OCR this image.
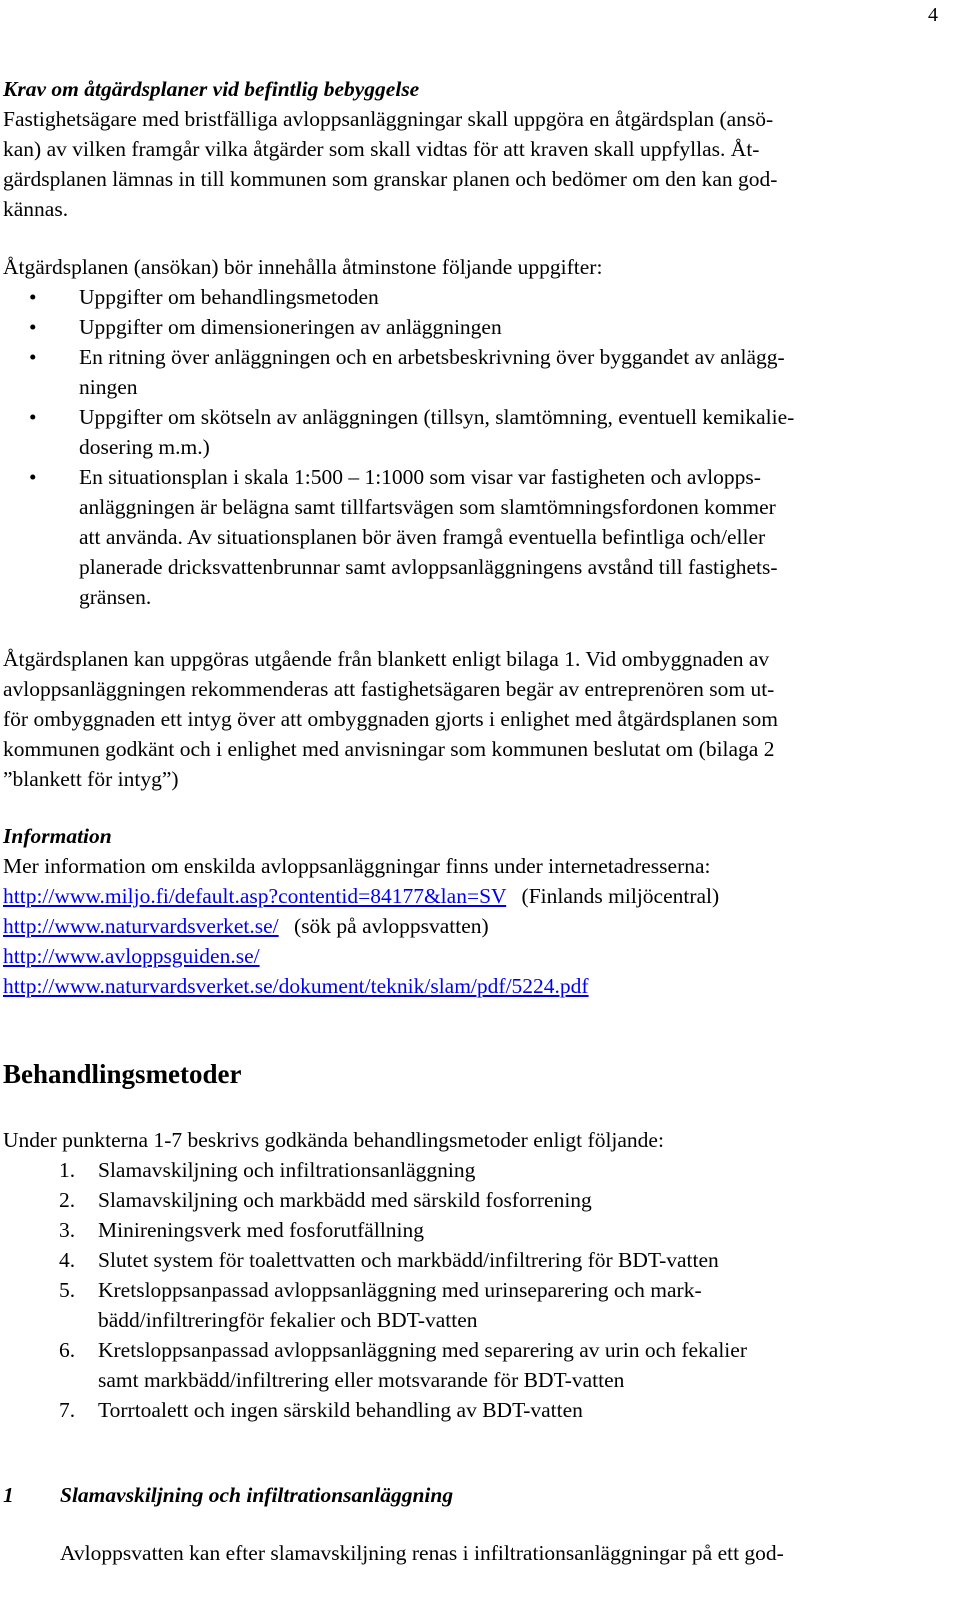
4
Krav om åtgärdsplaner vid befintlig bebyggelse

Fastighetsägare med bristfälliga avloppsanläggningar skall uppgöra en åtgärdsplan (ansö-
kan) av vilken framgår vilka åtgärder som skall vidtas för att kraven skall uppfyllas. Åt-
gärdsplanen lämnas in till kommunen som granskar planen och bedömer om den kan god-
kännas.

Åtgärdsplanen (ansökan) bör innehålla åtminstone följande uppgifter:

• Uppgifter om behandlingsmetoden
• Uppgifter om dimensioneringen av anläggningen
• En ritning över anläggningen och en arbetsbeskrivning över byggandet av anlägg-
ningen
• Uppgifter om skötseln av anläggningen (tillsyn, slamtömning, eventuell kemikalie-
dosering m.m.)
• En situationsplan i skala 1:500 – 1:1000 som visar var fastigheten och avlopps-
anläggningen är belägna samt tillfartsvägen som slamtömningsfordonen kommer
att använda. Av situationsplanen bör även framgå eventuella befintliga och/eller
planerade dricksvattenbrunnar samt avloppsanläggningens avstånd till fastighets-
gränsen.

Åtgärdsplanen kan uppgöras utgående från blankett enligt bilaga 1. Vid ombyggnaden av
avloppsanläggningen rekommenderas att fastighetsägaren begär av entreprenören som ut-
för ombyggnaden ett intyg över att ombyggnaden gjorts i enlighet med åtgärdsplanen som
kommunen godkänt och i enlighet med anvisningar som kommunen beslutat om (bilaga 2
”blankett för intyg”)

Information

Mer information om enskilda avloppsanläggningar finns under internetadresserna:

http://www.miljo.fi/default.asp?contentid=84177&lan=SV (Finlands miljöcentral)
http://www.naturvardsverket.se/ (sök på avloppsvatten)
http://www.avloppsguiden.se/
http://www.naturvardsverket.se/dokument/teknik/slam/pdf/5224.pdf
Behandlingsmetoder

Under punkterna 1-7 beskrivs godkända behandlingsmetoder enligt följande:

1. Slamavskiljning och infiltrationsanläggning
2. Slamavskiljning och markbädd med särskild fosforrening
3. Minireningsverk med fosforutfällning
4. Slutet system för toalettvatten och markbädd/infiltrering för BDT-vatten
5. Kretsloppsanpassad avloppsanläggning med urinseparering och mark-
bädd/infiltreringför fekalier och BDT-vatten
6. Kretsloppsanpassad avloppsanläggning med separering av urin och fekalier
samt markbädd/infiltrering eller motsvarande för BDT-vatten
7. Torrtoalett och ingen särskild behandling av BDT-vatten
1 Slamavskiljning och infiltrationsanläggning

Avloppsvatten kan efter slamavskiljning renas i infiltrationsanläggningar på ett god-
